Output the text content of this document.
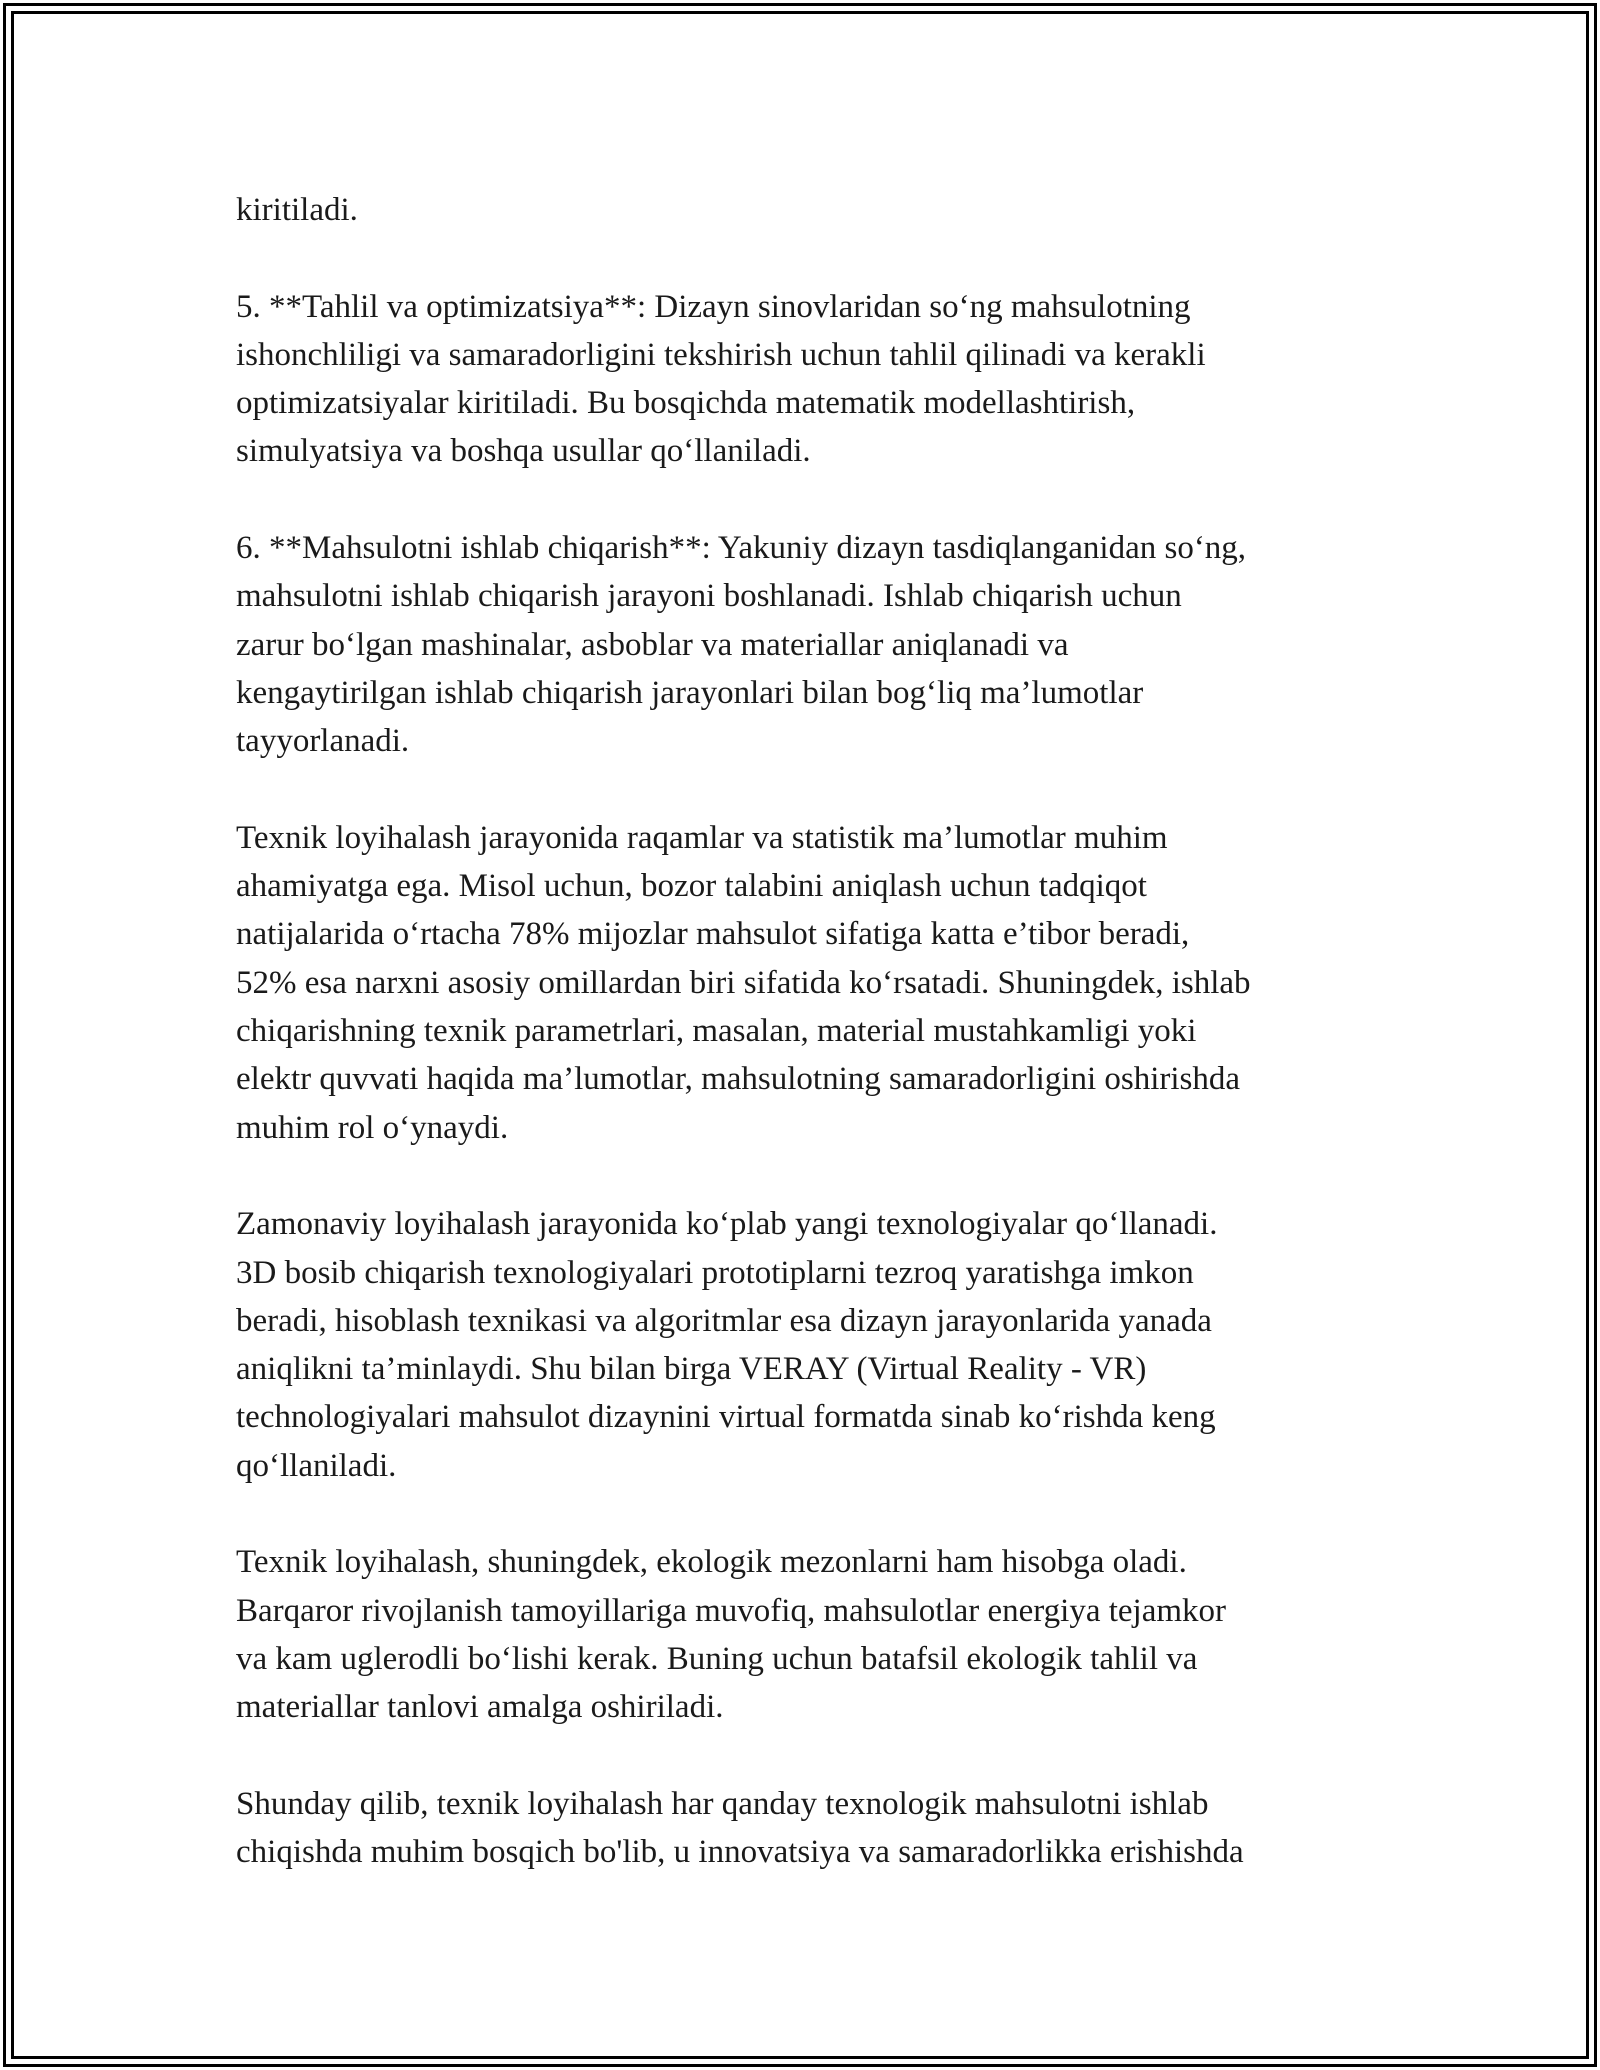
kiritiladi.

5. **Tahlil va optimizatsiya**: Dizayn sinovlaridan so‘ng mahsulotning
ishonchliligi va samaradorligini tekshirish uchun tahlil qilinadi va kerakli
optimizatsiyalar kiritiladi. Bu bosqichda matematik modellashtirish,
simulyatsiya va boshqa usullar qo‘llaniladi.

6. **Mahsulotni ishlab chiqarish**: Yakuniy dizayn tasdiqlanganidan so‘ng,
mahsulotni ishlab chiqarish jarayoni boshlanadi. Ishlab chiqarish uchun
zarur bo‘lgan mashinalar, asboblar va materiallar aniqlanadi va
kengaytirilgan ishlab chiqarish jarayonlari bilan bog‘liq ma’lumotlar
tayyorlanadi.

Texnik loyihalash jarayonida raqamlar va statistik ma’lumotlar muhim
ahamiyatga ega. Misol uchun, bozor talabini aniqlash uchun tadqiqot
natijalarida o‘rtacha 78% mijozlar mahsulot sifatiga katta e’tibor beradi,
52% esa narxni asosiy omillardan biri sifatida ko‘rsatadi. Shuningdek, ishlab
chiqarishning texnik parametrlari, masalan, material mustahkamligi yoki
elektr quvvati haqida ma’lumotlar, mahsulotning samaradorligini oshirishda
muhim rol o‘ynaydi.

Zamonaviy loyihalash jarayonida ko‘plab yangi texnologiyalar qo‘llanadi.
3D bosib chiqarish texnologiyalari prototiplarni tezroq yaratishga imkon
beradi, hisoblash texnikasi va algoritmlar esa dizayn jarayonlarida yanada
aniqlikni ta’minlaydi. Shu bilan birga VERAY (Virtual Reality - VR)
technologiyalari mahsulot dizaynini virtual formatda sinab ko‘rishda keng
qo‘llaniladi.

Texnik loyihalash, shuningdek, ekologik mezonlarni ham hisobga oladi.
Barqaror rivojlanish tamoyillariga muvofiq, mahsulotlar energiya tejamkor
va kam uglerodli bo‘lishi kerak. Buning uchun batafsil ekologik tahlil va
materiallar tanlovi amalga oshiriladi.

Shunday qilib, texnik loyihalash har qanday texnologik mahsulotni ishlab
chiqishda muhim bosqich bo'lib, u innovatsiya va samaradorlikka erishishda
